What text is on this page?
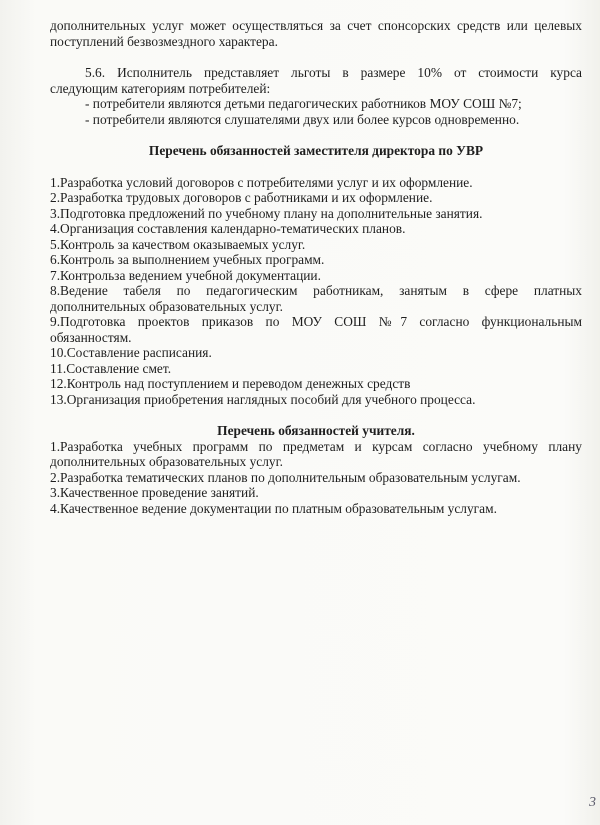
дополнительных услуг может осуществляться за счет спонсорских средств или целевых

поступлений безвозмездного характера.

5.6. Исполнитель представляет льготы в размере 10% от стоимости курса

следующим категориям потребителей:

- потребители являются детьми педагогических работников МОУ СОШ №7;

- потребители являются слушателями двух или более курсов одновременно.

Перечень обязанностей заместителя директора по УВР

1.Разработка условий договоров с потребителями услуг и их оформление.

2.Разработка трудовых договоров с работниками и их оформление.

3.Подготовка предложений по учебному плану на дополнительные занятия.

4.Организация составления календарно-тематических планов.

5.Контроль за качеством оказываемых услуг.

6.Контроль за выполнением учебных программ.

7.Контрольза ведением учебной документации.

8.Ведение табеля по педагогическим работникам, занятым в сфере платных

дополнительных образовательных услуг.

9.Подготовка проектов приказов по МОУ СОШ №7 согласно функциональным

обязанностям.

10.Составление расписания.

11.Составление смет.

12.Контроль над поступлением и переводом денежных средств

13.Организация приобретения наглядных пособий для учебного процесса.

Перечень обязанностей учителя.

1.Разработка учебных программ по предметам и курсам согласно учебному плану

дополнительных образовательных услуг.

2.Разработка тематических планов по дополнительным образовательным услугам.

3.Качественное проведение занятий.

4.Качественное ведение документации по платным образовательным услугам.

3
